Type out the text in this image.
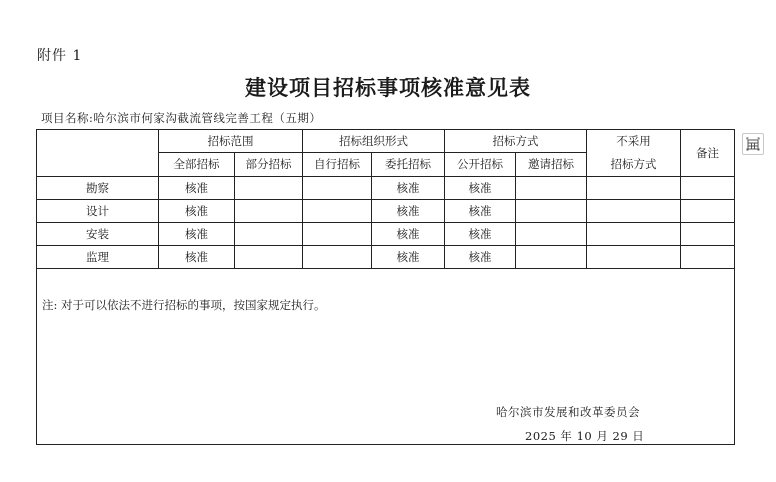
附件 1
建设项目招标事项核准意见表
项目名称:哈尔滨市何家沟截流管线完善工程（五期）
	招标范围		招标组织形式		招标方式		不采用
招标方式	备注
	全部招标	部分招标	自行招标	委托招标	公开招标	邀请招标		
勘察	核准			核准	核准			
设计	核准			核准	核准			
安装	核准			核准	核准			
监理	核准			核准	核准			

注: 对于可以依法不进行招标的事项，按国家规定执行。
哈尔滨市发展和改革委员会
2025 年 10 月 29 日								
